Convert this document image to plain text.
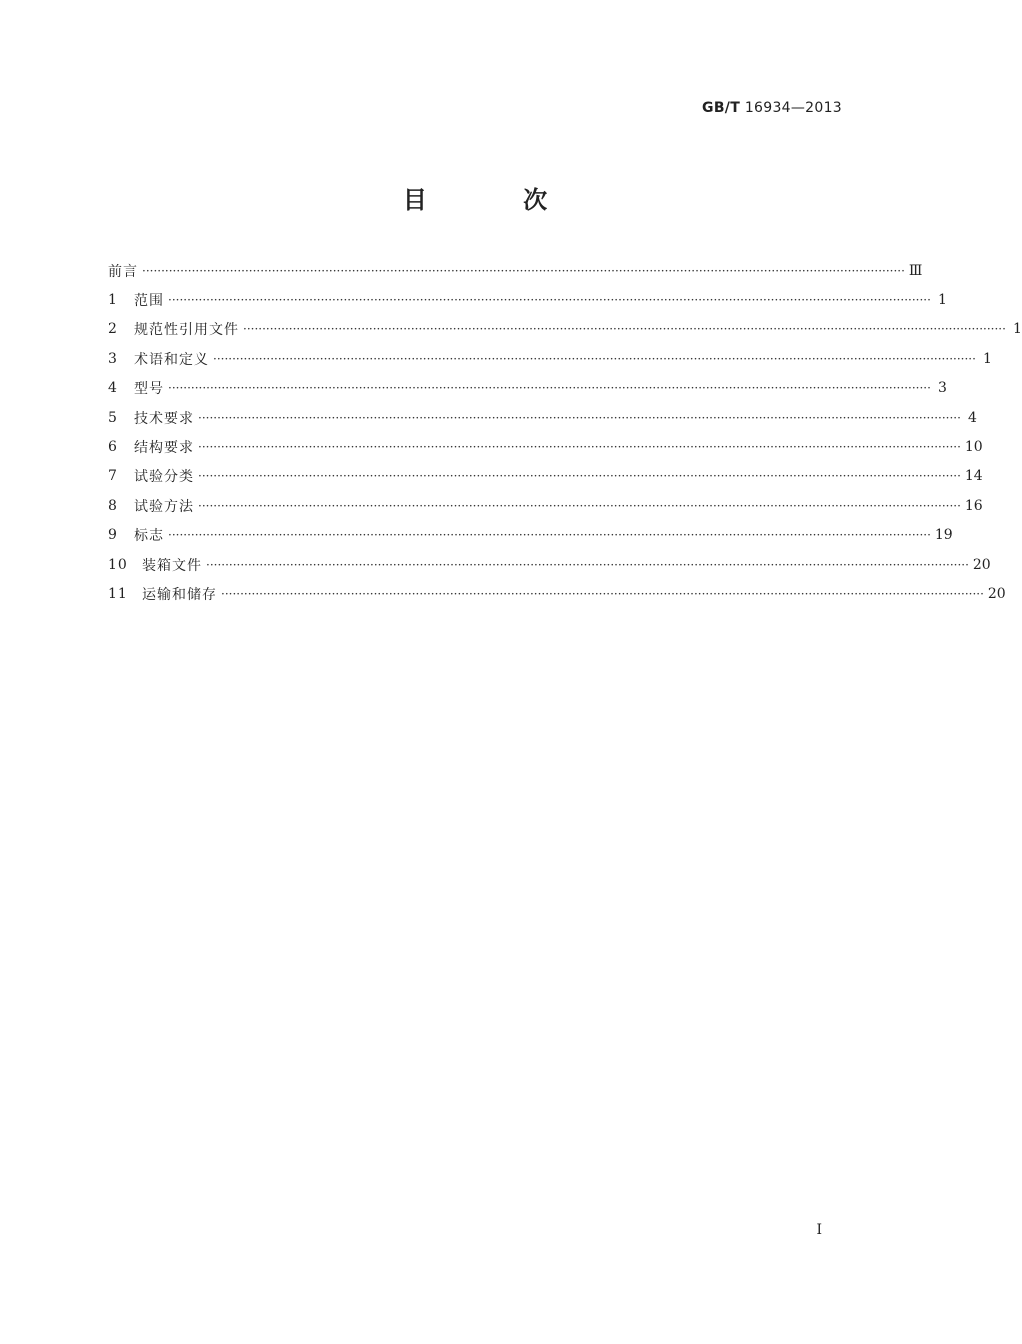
GB/T 16934—2013
目 次
前言 ········································································································································································································ Ⅲ
1	范围 ········································································································································································································ 1
2	规范性引用文件 ········································································································································································································ 1
3	术语和定义 ········································································································································································································ 1
4	型号 ········································································································································································································ 3
5	技术要求 ········································································································································································································ 4
6	结构要求 ········································································································································································································ 10
7	试验分类 ········································································································································································································ 14
8	试验方法 ········································································································································································································ 16
9	标志 ········································································································································································································ 19
10	装箱文件 ········································································································································································································ 20
11	运输和储存 ········································································································································································································ 20
I
